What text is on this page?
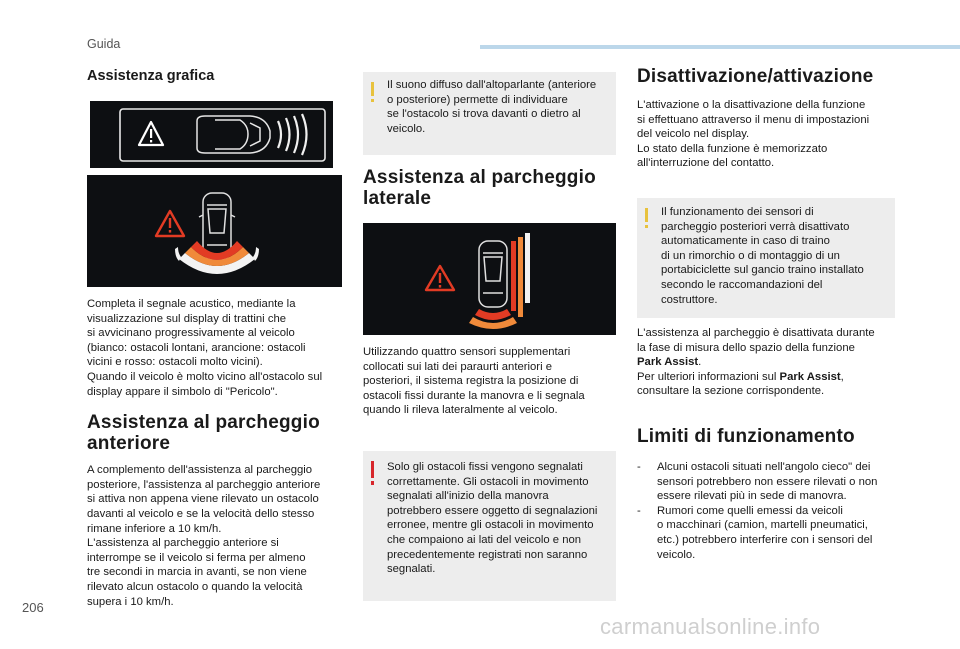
Guida
Assistenza grafica

Completa il segnale acustico, mediante la

visualizzazione sul display di trattini che

si avvicinano progressivamente al veicolo

(bianco: ostacoli lontani, arancione: ostacoli

vicini e rosso: ostacoli molto vicini).

Quando il veicolo è molto vicino all'ostacolo sul

display appare il simbolo di "Pericolo".

Assistenza al parcheggio
anteriore

A complemento dell'assistenza al parcheggio

posteriore, l'assistenza al parcheggio anteriore

si attiva non appena viene rilevato un ostacolo

davanti al veicolo e se la velocità dello stesso

rimane inferiore a 10 km/h.

L'assistenza al parcheggio anteriore si

interrompe se il veicolo si ferma per almeno

tre secondi in marcia in avanti, se non viene

rilevato alcun ostacolo o quando la velocità

supera i 10 km/h.

Il suono diffuso dall'altoparlante (anteriore

o posteriore) permette di individuare

se l'ostacolo si trova davanti o dietro al

veicolo.

Assistenza al parcheggio
laterale

Utilizzando quattro sensori supplementari

collocati sui lati dei paraurti anteriori e

posteriori, il sistema registra la posizione di

ostacoli fissi durante la manovra e li segnala

quando li rileva lateralmente al veicolo.

Solo gli ostacoli fissi vengono segnalati

correttamente. Gli ostacoli in movimento

segnalati all'inizio della manovra

potrebbero essere oggetto di segnalazioni

erronee, mentre gli ostacoli in movimento

che compaiono ai lati del veicolo e non

precedentemente registrati non saranno

segnalati.

Disattivazione/attivazione

L'attivazione o la disattivazione della funzione

si effettuano attraverso il menu di impostazioni

del veicolo nel display.

Lo stato della funzione è memorizzato

all'interruzione del contatto.

Il funzionamento dei sensori di

parcheggio posteriori verrà disattivato

automaticamente in caso di traino

di un rimorchio o di montaggio di un

portabiciclette sul gancio traino installato

secondo le raccomandazioni del

costruttore.

L'assistenza al parcheggio è disattivata durante

la fase di misura dello spazio della funzione

Park Assist.

Per ulteriori informazioni sul Park Assist,

consultare la sezione corrispondente.

Limiti di funzionamento
- Alcuni ostacoli situati nell'angolo cieco" dei

sensori potrebbero non essere rilevati o non

essere rilevati più in sede di manovra.

- Rumori come quelli emessi da veicoli

o macchinari (camion, martelli pneumatici,

etc.) potrebbero interferire con i sensori del

veicolo.

206
carmanualsonline.info
